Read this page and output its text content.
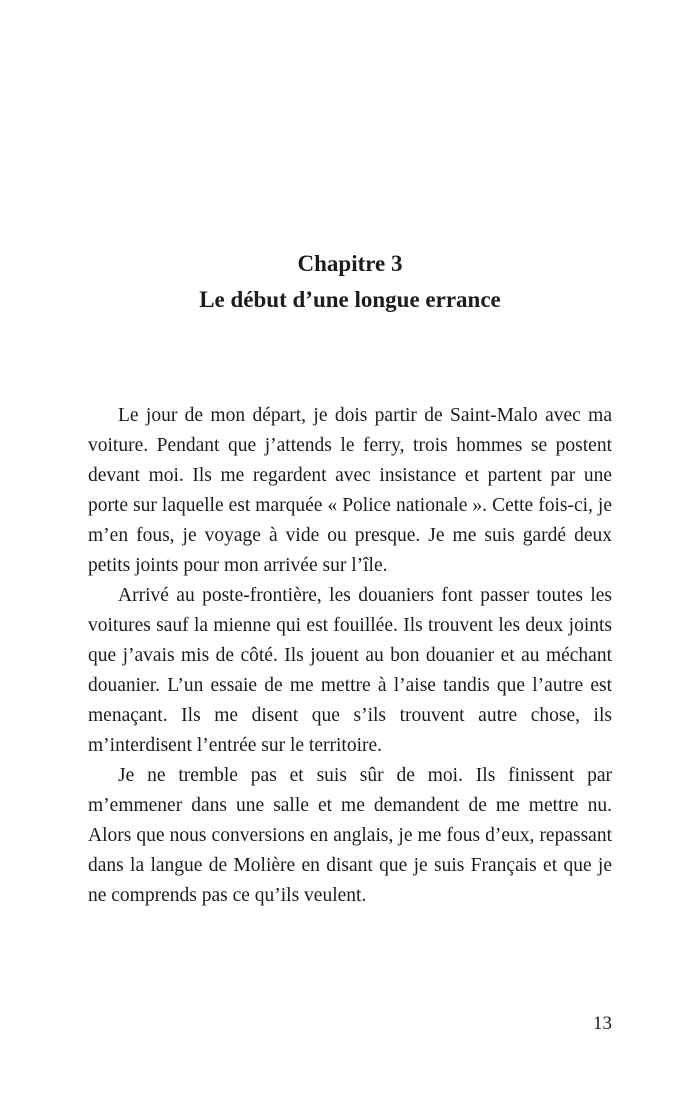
Chapitre 3
Le début d’une longue errance

Le jour de mon départ, je dois partir de Saint-Malo avec ma voiture. Pendant que j’attends le ferry, trois hommes se postent devant moi. Ils me regardent avec insistance et partent par une porte sur laquelle est marquée « Police nationale ». Cette fois-ci, je m’en fous, je voyage à vide ou presque. Je me suis gardé deux petits joints pour mon arrivée sur l’île.

Arrivé au poste-frontière, les douaniers font passer toutes les voitures sauf la mienne qui est fouillée. Ils trouvent les deux joints que j’avais mis de côté. Ils jouent au bon douanier et au méchant douanier. L’un essaie de me mettre à l’aise tandis que l’autre est menaçant. Ils me disent que s’ils trouvent autre chose, ils m’interdisent l’entrée sur le territoire.

Je ne tremble pas et suis sûr de moi. Ils finissent par m’emmener dans une salle et me demandent de me mettre nu. Alors que nous conversions en anglais, je me fous d’eux, repassant dans la langue de Molière en disant que je suis Français et que je ne comprends pas ce qu’ils veulent.

13
